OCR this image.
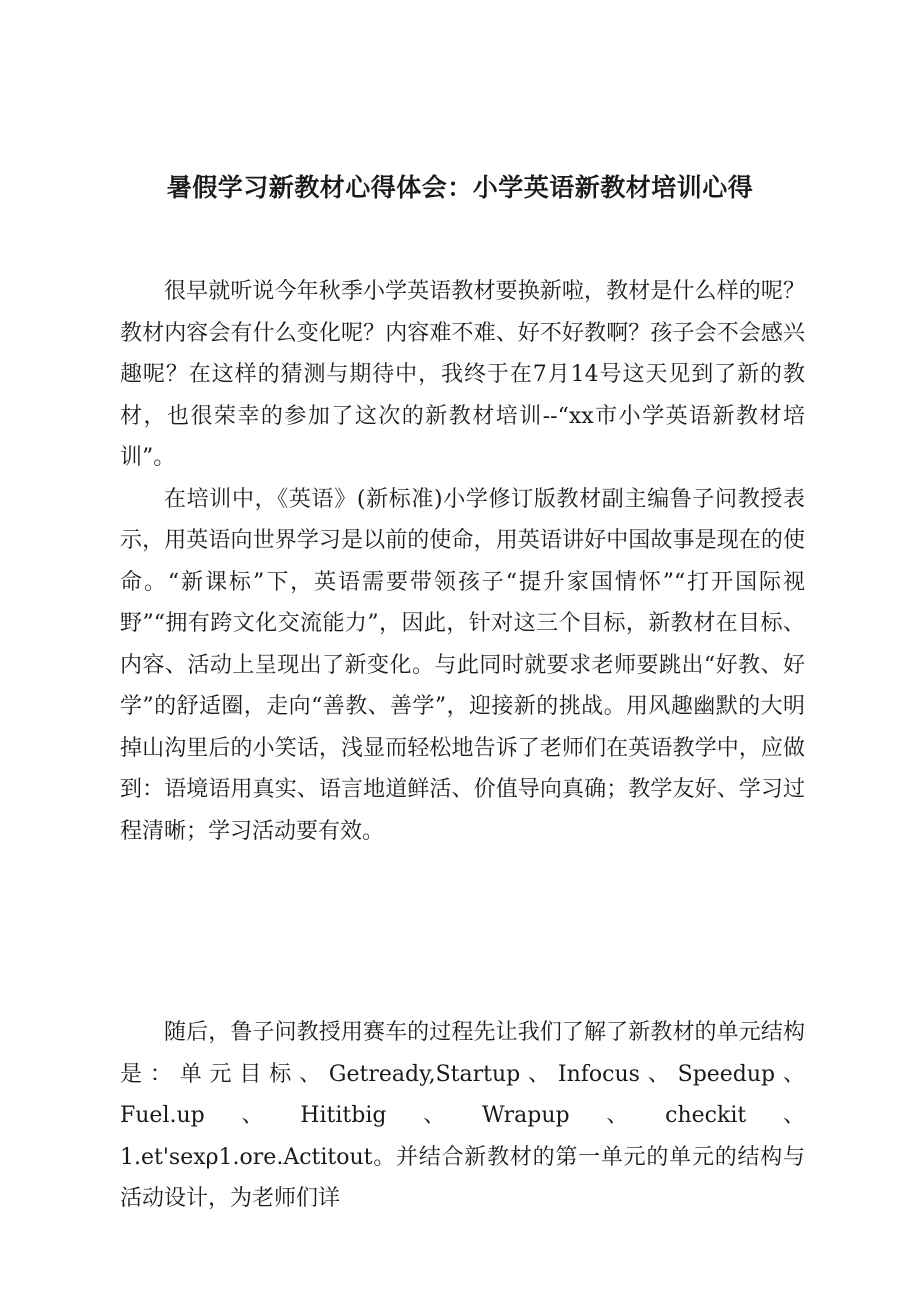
暑假学习新教材心得体会：小学英语新教材培训心得

很早就听说今年秋季小学英语教材要换新啦，教材是什么样的呢？教材内容会有什么变化呢？内容难不难、好不好教啊？孩子会不会感兴趣呢？在这样的猜测与期待中，我终于在7月14号这天见到了新的教材，也很荣幸的参加了这次的新教材培训--“xx市小学英语新教材培训”。

在培训中，《英语》(新标准)小学修订版教材副主编鲁子问教授表示，用英语向世界学习是以前的使命，用英语讲好中国故事是现在的使命。“新课标”下，英语需要带领孩子“提升家国情怀”“打开国际视野”“拥有跨文化交流能力”，因此，针对这三个目标，新教材在目标、内容、活动上呈现出了新变化。与此同时就要求老师要跳出“好教、好学”的舒适圈，走向“善教、善学”，迎接新的挑战。用风趣幽默的大明掉山沟里后的小笑话，浅显而轻松地告诉了老师们在英语教学中，应做到：语境语用真实、语言地道鲜活、价值导向真确；教学友好、学习过程清晰；学习活动要有效。

随后，鲁子问教授用赛车的过程先让我们了解了新教材的单元结构是：单元目标、Getready,Startup、Infocus、Speedup、Fuel.up、Hititbig、Wrapup、checkit、1.et'sexρ1.ore.Actitout。并结合新教材的第一单元的单元的结构与活动设计，为老师们详
